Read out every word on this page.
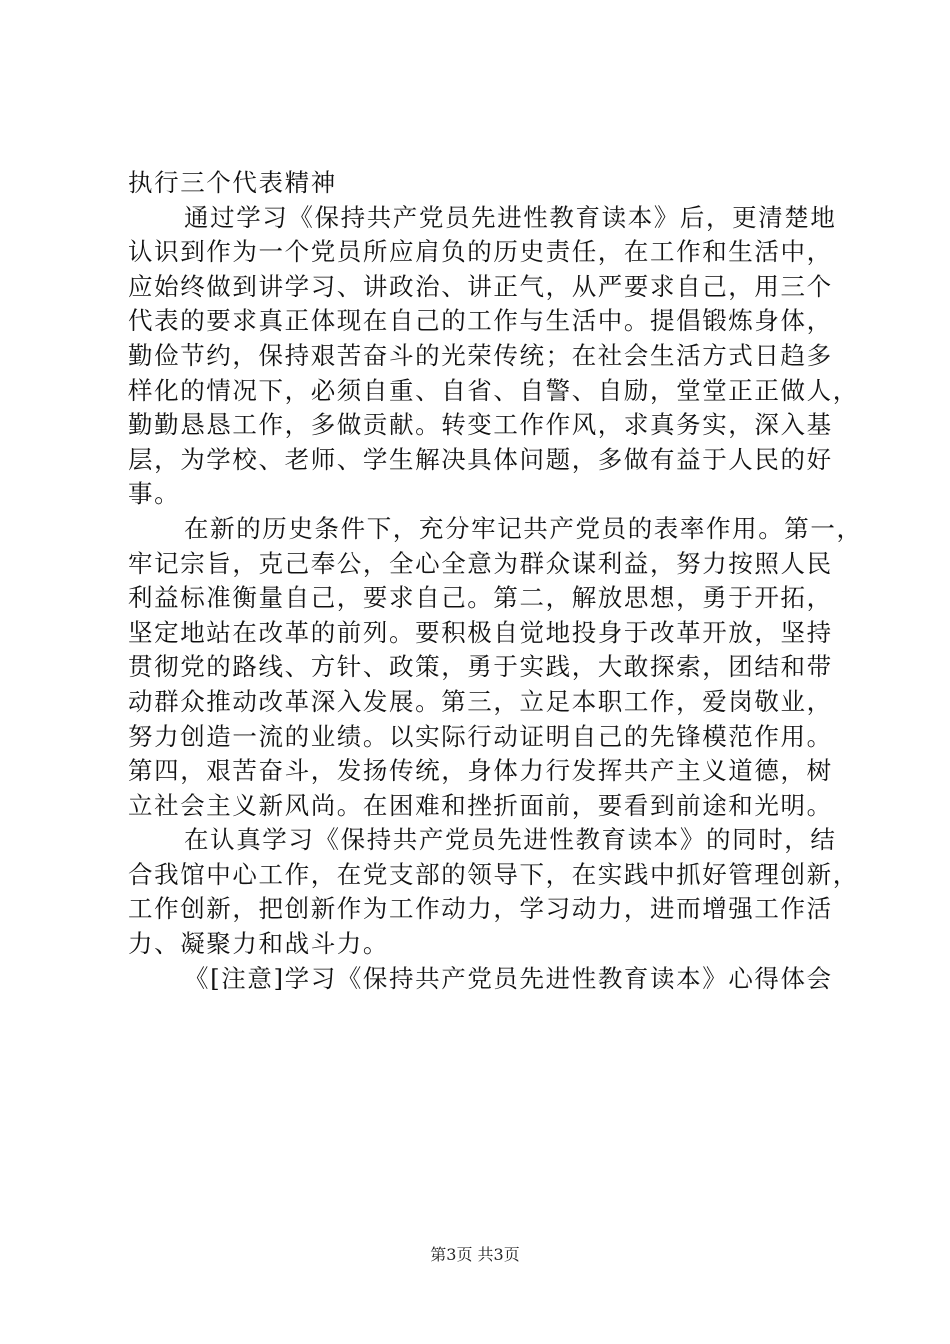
执行三个代表精神
通过学习《保持共产党员先进性教育读本》后，更清楚地
认识到作为一个党员所应肩负的历史责任，在工作和生活中，
应始终做到讲学习、讲政治、讲正气，从严要求自己，用三个
代表的要求真正体现在自己的工作与生活中。提倡锻炼身体，
勤俭节约，保持艰苦奋斗的光荣传统；在社会生活方式日趋多
样化的情况下，必须自重、自省、自警、自励，堂堂正正做人，
勤勤恳恳工作，多做贡献。转变工作作风，求真务实，深入基
层，为学校、老师、学生解决具体问题，多做有益于人民的好
事。
在新的历史条件下，充分牢记共产党员的表率作用。第一，
牢记宗旨，克己奉公，全心全意为群众谋利益，努力按照人民
利益标准衡量自己，要求自己。第二，解放思想，勇于开拓，
坚定地站在改革的前列。要积极自觉地投身于改革开放，坚持
贯彻党的路线、方针、政策，勇于实践，大敢探索，团结和带
动群众推动改革深入发展。第三，立足本职工作，爱岗敬业，
努力创造一流的业绩。以实际行动证明自己的先锋模范作用。
第四，艰苦奋斗，发扬传统，身体力行发挥共产主义道德，树
立社会主义新风尚。在困难和挫折面前，要看到前途和光明。
在认真学习《保持共产党员先进性教育读本》的同时，结
合我馆中心工作，在党支部的领导下，在实践中抓好管理创新，
工作创新，把创新作为工作动力，学习动力，进而增强工作活
力、凝聚力和战斗力。
《[注意]学习《保持共产党员先进性教育读本》心得体会
第3页 共3页
